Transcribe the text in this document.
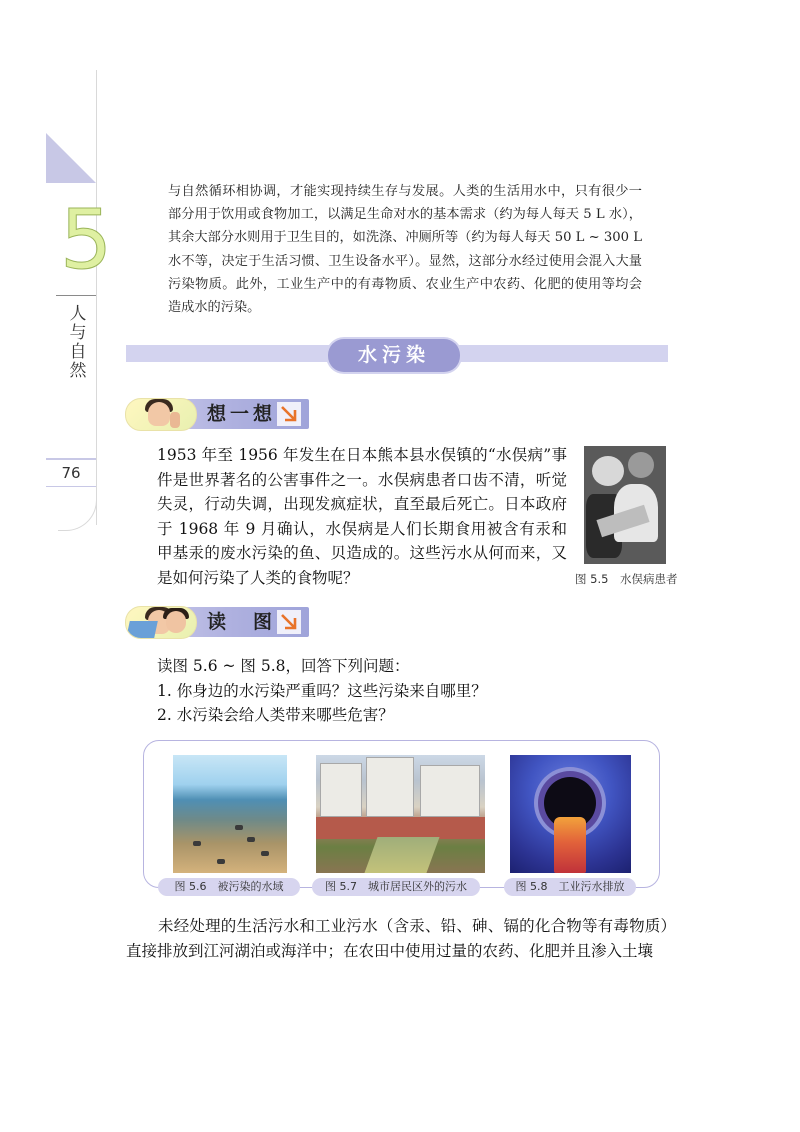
5
人与自然
76
与自然循环相协调，才能实现持续生存与发展。人类的生活用水中，只有很少一部分用于饮用或食物加工，以满足生命对水的基本需求（约为每人每天 5 L 水），其余大部分水则用于卫生目的，如洗涤、冲厕所等（约为每人每天 50 L ~ 300 L 水不等，决定于生活习惯、卫生设备水平）。显然，这部分水经过使用会混入大量污染物质。此外，工业生产中的有毒物质、农业生产中农药、化肥的使用等均会造成水的污染。
水污染
想一想
1953 年至 1956 年发生在日本熊本县水俣镇的“水俣病”事件是世界著名的公害事件之一。水俣病患者口齿不清，听觉失灵，行动失调，出现发疯症状，直至最后死亡。日本政府于 1968 年 9 月确认，水俣病是人们长期食用被含有汞和甲基汞的废水污染的鱼、贝造成的。这些污水从何而来，又是如何污染了人类的食物呢？	图 5.5　水俣病患者
读　图
读图 5.6 ~ 图 5.8，回答下列问题：
1. 你身边的水污染严重吗？这些污染来自哪里？
2. 水污染会给人类带来哪些危害？
图 5.6　被污染的水域	图 5.7　城市居民区外的污水	图 5.8　工业污水排放
未经处理的生活污水和工业污水（含汞、铅、砷、镉的化合物等有毒物质）直接排放到江河湖泊或海洋中；在农田中使用过量的农药、化肥并且渗入土壤
